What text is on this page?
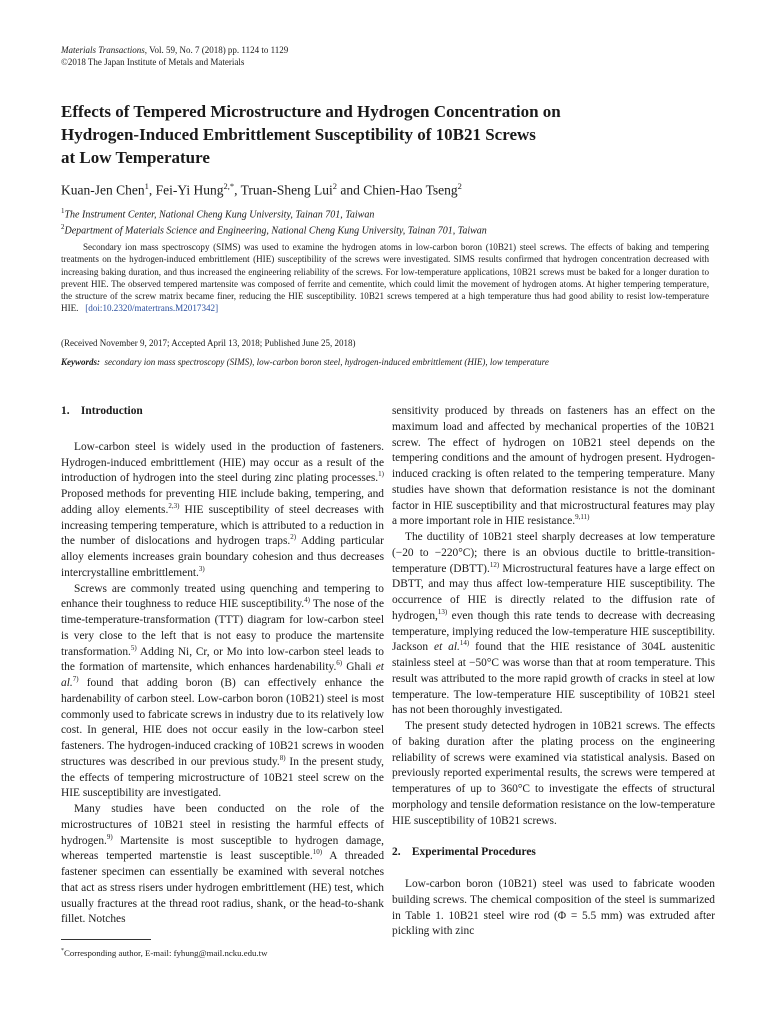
Materials Transactions, Vol. 59, No. 7 (2018) pp. 1124 to 1129
©2018 The Japan Institute of Metals and Materials
Effects of Tempered Microstructure and Hydrogen Concentration on
Hydrogen-Induced Embrittlement Susceptibility of 10B21 Screws
at Low Temperature
Kuan-Jen Chen$^1$, Fei-Yi Hung$^{2,*}$, Truan-Sheng Lui$^2$ and Chien-Hao Tseng$^2$
$^1$The Instrument Center, National Cheng Kung University, Tainan 701, Taiwan
$^2$Department of Materials Science and Engineering, National Cheng Kung University, Tainan 701, Taiwan

Secondary ion mass spectroscopy (SIMS) was used to examine the hydrogen atoms in low-carbon boron (10B21) steel screws. The effects of baking and tempering treatments on the hydrogen-induced embrittlement (HIE) susceptibility of the screws were investigated. SIMS results confirmed that hydrogen concentration decreased with increasing baking duration, and thus increased the engineering reliability of the screws. For low-temperature applications, 10B21 screws must be baked for a longer duration to prevent HIE. The observed tempered martensite was composed of ferrite and cementite, which could limit the movement of hydrogen atoms. At higher tempering temperature, the structure of the screw matrix became finer, reducing the HIE susceptibility. 10B21 screws tempered at a high temperature thus had good ability to resist low-temperature HIE. [doi:10.2320/matertrans.M2017342]

(Received November 9, 2017; Accepted April 13, 2018; Published June 25, 2018)
Keywords: secondary ion mass spectroscopy (SIMS), low-carbon boron steel, hydrogen-induced embrittlement (HIE), low temperature
1. Introduction

Low-carbon steel is widely used in the production of fasteners. Hydrogen-induced embrittlement (HIE) may occur as a result of the introduction of hydrogen into the steel during zinc plating processes.$^{1)}$ Proposed methods for preventing HIE include baking, tempering, and adding alloy elements.$^{2,3)}$ HIE susceptibility of steel decreases with increasing tempering temperature, which is attributed to a reduction in the number of dislocations and hydrogen traps.$^{2)}$ Adding particular alloy elements increases grain boundary cohesion and thus decreases intercrystalline embrittlement.$^{3)}$

Screws are commonly treated using quenching and tempering to enhance their toughness to reduce HIE susceptibility.$^{4)}$ The nose of the time-temperature-transformation (TTT) diagram for low-carbon steel is very close to the left that is not easy to produce the martensite transformation.$^{5)}$ Adding Ni, Cr, or Mo into low-carbon steel leads to the formation of martensite, which enhances hardenability.$^{6)}$ Ghali et al.$^{7)}$ found that adding boron (B) can effectively enhance the hardenability of carbon steel. Low-carbon boron (10B21) steel is most commonly used to fabricate screws in industry due to its relatively low cost. In general, HIE does not occur easily in the low-carbon steel fasteners. The hydrogen-induced cracking of 10B21 screws in wooden structures was described in our previous study.$^{8)}$ In the present study, the effects of tempering microstructure of 10B21 steel screw on the HIE susceptibility are investigated.

Many studies have been conducted on the role of the microstructures of 10B21 steel in resisting the harmful effects of hydrogen.$^{9)}$ Martensite is most susceptible to hydrogen damage, whereas temperted martenstie is least susceptible.$^{10)}$ A threaded fastener specimen can essentially be examined with several notches that act as stress risers under hydrogen embrittlement (HE) test, which usually fractures at the thread root radius, shank, or the head-to-shank fillet. Notches

sensitivity produced by threads on fasteners has an effect on the maximum load and affected by mechanical properties of the 10B21 screw. The effect of hydrogen on 10B21 steel depends on the tempering conditions and the amount of hydrogen present. Hydrogen-induced cracking is often related to the tempering temperature. Many studies have shown that deformation resistance is not the dominant factor in HIE susceptibility and that microstructural features may play a more important role in HIE resistance.$^{9,11)}$

The ductility of 10B21 steel sharply decreases at low temperature (−20 to −220°C); there is an obvious ductile to brittle-transition-temperature (DBTT).$^{12)}$ Microstructural features have a large effect on DBTT, and may thus affect low-temperature HIE susceptibility. The occurrence of HIE is directly related to the diffusion rate of hydrogen,$^{13)}$ even though this rate tends to decrease with decreasing temperature, implying reduced the low-temperature HIE susceptibility. Jackson et al.$^{14)}$ found that the HIE resistance of 304L austenitic stainless steel at −50°C was worse than that at room temperature. This result was attributed to the more rapid growth of cracks in steel at low temperature. The low-temperature HIE susceptibility of 10B21 steel has not been thoroughly investigated.

The present study detected hydrogen in 10B21 screws. The effects of baking duration after the plating process on the engineering reliability of screws were examined via statistical analysis. Based on previously reported experimental results, the screws were tempered at temperatures of up to 360°C to investigate the effects of structural morphology and tensile deformation resistance on the low-temperature HIE susceptibility of 10B21 screws.

2. Experimental Procedures

Low-carbon boron (10B21) steel was used to fabricate wooden building screws. The chemical composition of the steel is summarized in Table 1. 10B21 steel wire rod (Φ = 5.5 mm) was extruded after pickling with zinc

*Corresponding author, E-mail: fyhung@mail.ncku.edu.tw
